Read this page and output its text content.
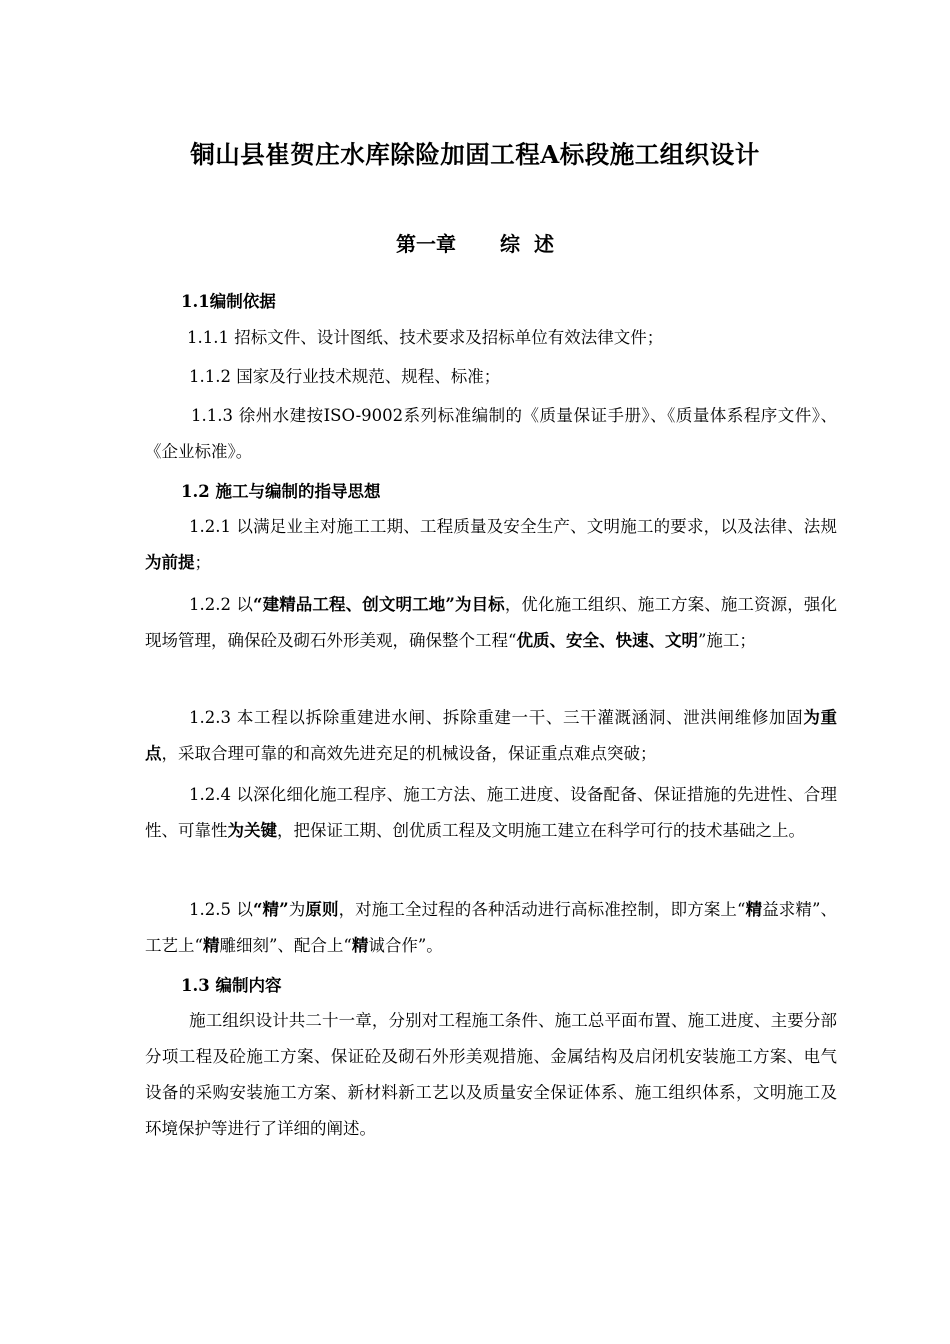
铜山县崔贺庄水库除险加固工程A标段施工组织设计
第一章 综  述
1.1编制依据

1.1.1 招标文件、设计图纸、技术要求及招标单位有效法律文件；

1.1.2 国家及行业技术规范、规程、标准；

1.1.3 徐州水建按ISO-9002系列标准编制的《质量保证手册》、《质量体系程序文件》、《企业标准》。

1.2 施工与编制的指导思想

1.2.1 以满足业主对施工工期、工程质量及安全生产、文明施工的要求，以及法律、法规为前提；

1.2.2 以“建精品工程、创文明工地”为目标，优化施工组织、施工方案、施工资源，强化现场管理，确保砼及砌石外形美观，确保整个工程“优质、安全、快速、文明”施工；

1.2.3 本工程以拆除重建进水闸、拆除重建一干、三干灌溉涵洞、泄洪闸维修加固为重点，采取合理可靠的和高效先进充足的机械设备，保证重点难点突破；

1.2.4 以深化细化施工程序、施工方法、施工进度、设备配备、保证措施的先进性、合理性、可靠性为关键，把保证工期、创优质工程及文明施工建立在科学可行的技术基础之上。

1.2.5 以“精”为原则，对施工全过程的各种活动进行高标准控制，即方案上“精益求精”、工艺上“精雕细刻”、配合上“精诚合作”。

1.3 编制内容

施工组织设计共二十一章，分别对工程施工条件、施工总平面布置、施工进度、主要分部分项工程及砼施工方案、保证砼及砌石外形美观措施、金属结构及启闭机安装施工方案、电气设备的采购安装施工方案、新材料新工艺以及质量安全保证体系、施工组织体系，文明施工及环境保护等进行了详细的阐述。
